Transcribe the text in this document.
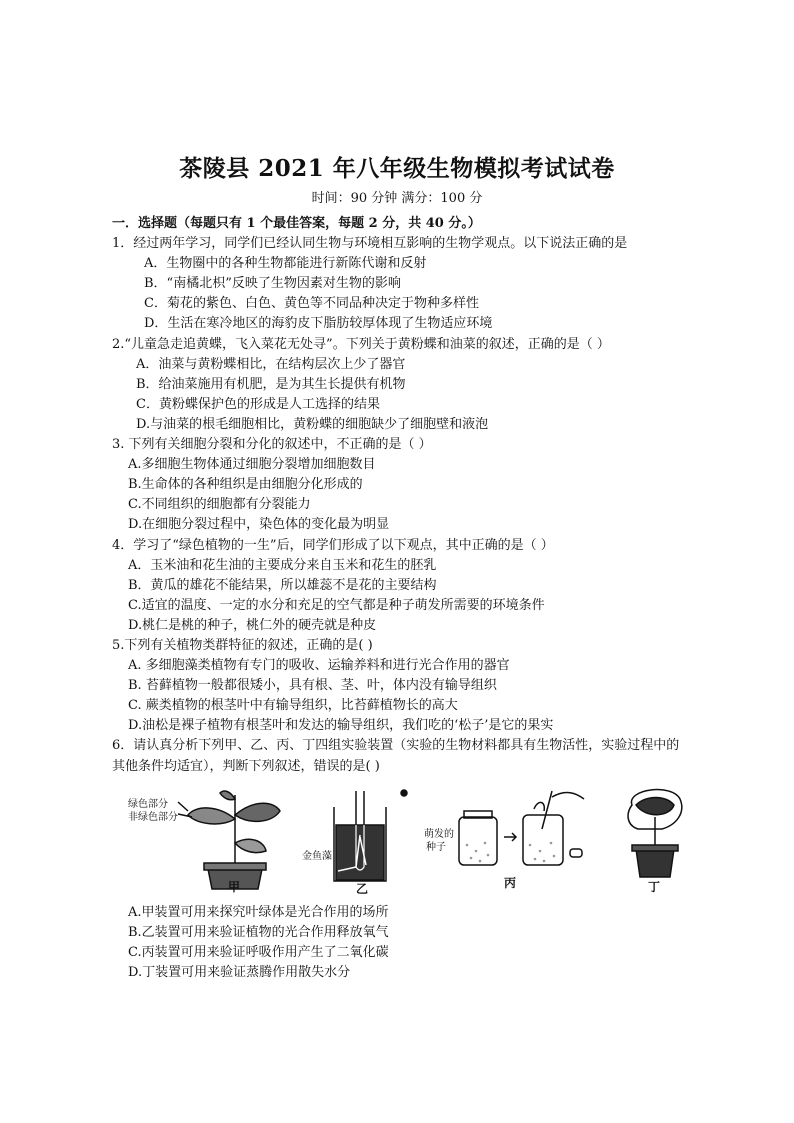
茶陵县 2021 年八年级生物模拟考试试卷
时间：90 分钟 满分：100 分
一．选择题（每题只有 1 个最佳答案，每题 2 分，共 40 分。）
1．经过两年学习，同学们已经认同生物与环境相互影响的生物学观点。以下说法正确的是
A．生物圈中的各种生物都能进行新陈代谢和反射
B．“南橘北枳”反映了生物因素对生物的影响
C．菊花的紫色、白色、黄色等不同品种决定于物种多样性
D．生活在寒冷地区的海豹皮下脂肪较厚体现了生物适应环境
2.“儿童急走追黄蝶，飞入菜花无处寻”。下列关于黄粉蝶和油菜的叙述，正确的是（ ）
A．油菜与黄粉蝶相比，在结构层次上少了器官
B．给油菜施用有机肥，是为其生长提供有机物
C．黄粉蝶保护色的形成是人工选择的结果
D.与油菜的根毛细胞相比，黄粉蝶的细胞缺少了细胞壁和液泡
3. 下列有关细胞分裂和分化的叙述中，不正确的是（ ）
A.多细胞生物体通过细胞分裂增加细胞数目
B.生命体的各种组织是由细胞分化形成的
C.不同组织的细胞都有分裂能力
D.在细胞分裂过程中，染色体的变化最为明显
4．学习了“绿色植物的一生”后，同学们形成了以下观点，其中正确的是（ ）
A．玉米油和花生油的主要成分来自玉米和花生的胚乳
B．黄瓜的雄花不能结果，所以雄蕊不是花的主要结构
C.适宜的温度、一定的水分和充足的空气都是种子萌发所需要的环境条件
D.桃仁是桃的种子，桃仁外的硬壳就是种皮
5.下列有关植物类群特征的叙述，正确的是( )
A. 多细胞藻类植物有专门的吸收、运输养料和进行光合作用的器官
B. 苔藓植物一般都很矮小，具有根、茎、叶，体内没有输导组织
C. 蕨类植物的根茎叶中有输导组织，比苔藓植物长的高大
D.油松是裸子植物有根茎叶和发达的输导组织，我们吃的‘松子’是它的果实
6．请认真分析下列甲、乙、丙、丁四组实验装置（实验的生物材料都具有生物活性，实验过程中的其他条件均适宜），判断下列叙述，错误的是( )
绿色部分
非绿色部分
金鱼藻
萌发的
种子
甲	乙	丙	丁
A.甲装置可用来探究叶绿体是光合作用的场所
B.乙装置可用来验证植物的光合作用释放氧气
C.丙装置可用来验证呼吸作用产生了二氧化碳
D.丁装置可用来验证蒸腾作用散失水分
